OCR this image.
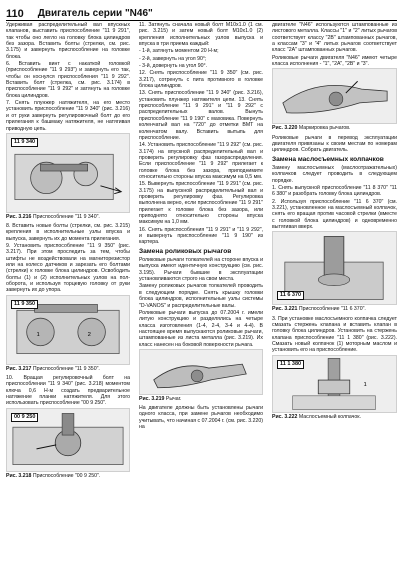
110 Двигатель серии "N46"

Удерживая распределительный вал впускных клапанов, выставить приспособление "11 9 291", так чтобы оно легло на головку блока цилиндров без зазора. Вставить болты (стрелки, см. рис. 3.175) и завернуть приспособление на головке блока.

6. Вставить винт с накаткой головкой (приспособление "11 9 293") и завернуть его так, чтобы он коснулся приспособления "11 9 292". Вставить болт (стрелка, см. рис. 3.174) в приспособление "11 9 292" и затянуть на головке блока цилиндров.

7. Снять плунжер натяжителя, на его место установить приспособление "11 9 340" (рис. 3.216) и от руки завернуть регулировочный болт до его прилегания к башмаку натяжителя, не натягивая приводную цепь.

11 9 340
Рис. 3.216 Приспособление "11 9 340".

8. Вставить новые болты (стрелки, см. рис. 3.215) крепления в исполнительные узлы впуска и выпуска, завернуть их до момента прилегания.

9. Установить приспособление "11 9 350" (рис. 3.217). При этом проследить за тем, чтобы штифты не воздействовали на магниторезистор или на колесо датчиков и зарезать его болтами (стрелки) к головке блока цилиндров. Освободить болты (1) и (2) исполнительных узлов на пол-оборота, и используя торцевую головку от руки завернуть их до упора.

1	2
11 9 350
Рис. 3.217 Приспособление "11 9 350".

10. Вращая регулировочный болт на приспособлении "11 9 340" (рис. 3.218) моментом ключа 0,6 Н·м создать предварительное натяжение планки натяжителя. Для этого использовать приспособление "00 9 250".

00 9 250
Рис. 3.218 Приспособление "00 9 250".

11. Затянуть сначала новый болт M10x1.0 (1 см. рис. 3.215) и затем новый болт M10x1.0 (2) крепления исполнительных узлов выпуска и впуска в три приема каждый:

- 1-й, затянуть моментом 20 Н·м;

- 2-й, завернуть на угол 90°;

- 3-й, довернуть на угол 90°.

12. Снять приспособление "11 9 350" (см. рис. 3.217), сотренуть с пита противного в головке блока цилиндров.

13. Снять приспособление "11 9 340" (рис. 3.216), установить плунжер натяжителя цепи. 13. Снять приспособление "11 9 291" и "11 9 292" с распределительных валов. Вынуть приспособление "11 9 190" с маховика. Повернуть коленчатый вал на "720" до отметки ВМТ на коленчатом валу. Вставить вытыпь для приспособление.

14. Установить приспособление "11 9 292" (см. рис. 3.174) на впускной распределительный вал и проверить регулировку фаз газораспределения. Если приспособление "11 9 292" прилегает к головке блока без зазора, приподнимите относительно стороны впуска максимум на 0,5 мм.

15. Вывернуть приспособление "11 9 291" (см. рис. 3.175) на выпускной распределительный вал и проверить регулировку фаз. Регулировка выполнена верно, если приспособление "11 9 291" прилегает к головке блока без зазора, или приподнято относительно стороны впуска максимум на 1,0 мм.

16. Снять приспособления "11 9 291" и "11 9 292", и вывернуть приспособление "11 9 190" из картера.

Замена роликовых рычагов

Роликовые рычаги толкателей на стороне впуска и выпуска имеют идентичную конструкцию (см. рис. 3.195). Рычаги бывшие в эксплуатации установливаются строго на свои места.

Замену роликовых рычагов толкателей проводить в следующем порядке. Снять крышку головки блока цилиндров, исполнительные узлы системы "D-VANOS" и распределительные валы.

Роликовые рычаги выпуска до 07.2004 г. имели литую конструкцию и разделялись на четыре класса изготовления (1-4, 2-4, 3-4 и 4-4). В настоящее время выпускаются роликовые рычаги, штампованные из листа металла (рис. 3.219). Их класс нанесен на боковой поверхности рычага.

Рис. 3.219 Рычаг.

На двигателе должны быть установлены рычаги одного класса, при замене рычагов необходимо учитывать, что начиная с 07.2004 г. (см. рис. 3.220) на

двигателе "N46" используются штампованные из листового металла. Классы "1" и "2" литых рычагов соответствует классу "2B" штампованных рычагов, а классам "3" и "4" литых рычагов соответствует класс "2A" штампованных рычагов.

Роликовые рычаги двигателя "N46" имеют четыре класса исполнения - "1", "2A", "2B" и "3".

Рис. 3.220 Маркировка рычагов.

Роликовые рычаги в перевод эксплуатации двигателя привязаны к своим местам по номерам цилиндров. Собрать двигатель.

Замена маслосъемных колпачков

Замену маслосъемных (маслоотражательных) колпачков следует проводить в следующем порядке.

1. Снять выпускной приспособление "11 8 370" "11 6 380" и разобрать головку блока цилиндров.

2. Используя приспособление "11 6 370" (см. 3.221), установленное на маслосъемный колпачок, снять его вращая против часовой стрелки (вместе с головкой блока цилиндров) и одновременно вытягивая вверх.

11 6 370
Рис. 3.221 Приспособление "11 6 370".

3. При установке маслосъемного колпачка следует смазать стержень клапана и вставить клапан в головку блока цилиндров. Установить на стержень клапана приспособление "11 1 380" (рис. 3.222). Смазать новый колпачок (1) моторным маслом и установить его на приспособление.

1
11 1 380
Рис. 3.222 Маслосъемный колпачок.
